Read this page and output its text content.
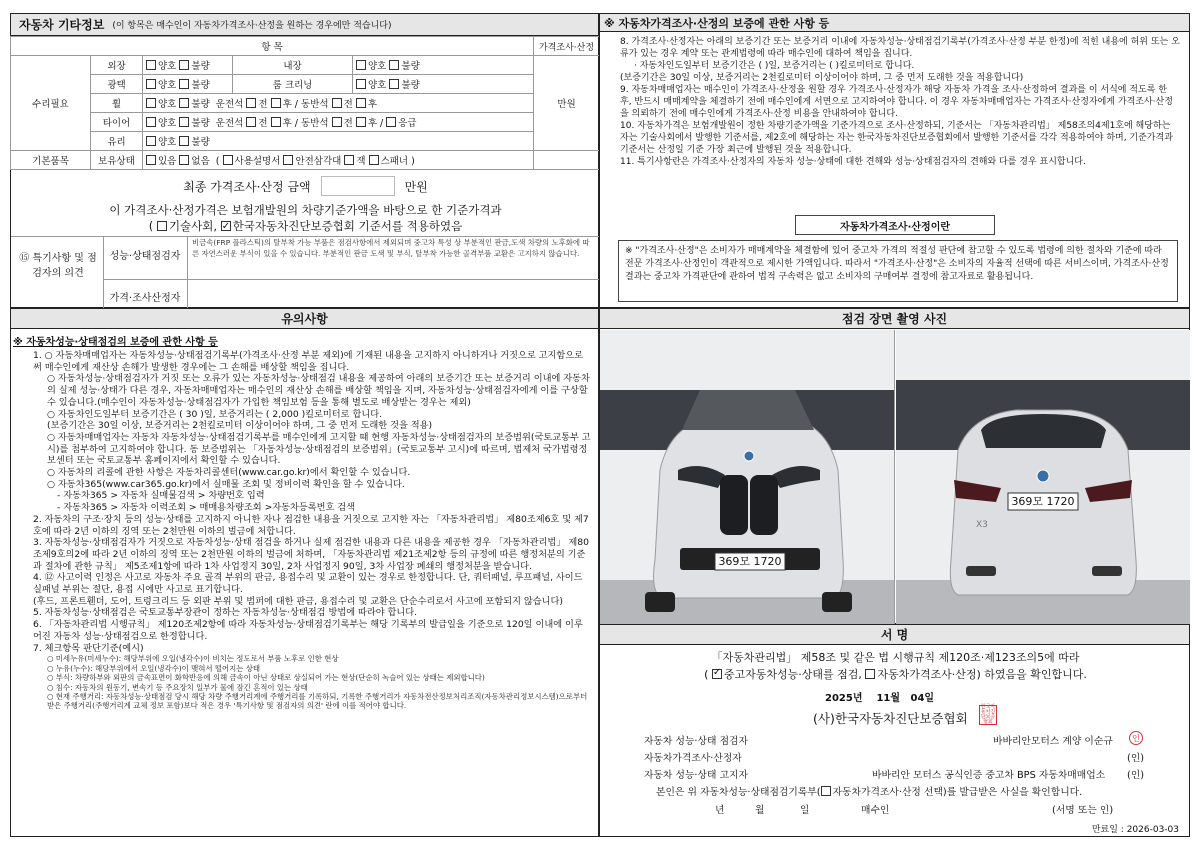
자동차 기타정보 (이 항목은 매수인이 자동차가격조사·산정을 원하는 경우에만 적습니다)
항 목					가격조사·산정
수리필요	외장	양호 불량	내장	양호 불량	만원
	광택	양호 불량	룸 크리닝	양호 불량	
	휠	양호 불량 운전석 전 후 / 동반석 전 후			
	타이어	양호 불량 운전석 전 후 / 동반석 전 후 / 응급			
	유리	양호 불량			
기본품목	보유상태	있음 없음  ( 사용설명서 안전삼각대 잭 스패너 )			
최종 가격조사·산정 금액	만원
이 가격조사·산정가격은 보험개발원의 차량기준가액을 바탕으로 한 기준가격과
( 기술사회, ✓ 한국자동차진단보증협회 기준서를 적용하였음
⑮ 특기사항 및 점검자의 의견
성능·상태점검자
비금속(FRP 플라스틱)의 탈부착 가능 부품은 점검사항에서 제외되며 중고차 특성 상 부분적인 판금,도색 차량의 노후화에 따른 자연스러운 부식이 있을 수 있습니다. 부분적인 판금 도색 및 부식, 탈부착 가능한 골격부품 교환은 고지하지 않습니다.
가격·조사산정자
※ 자동차가격조사·산정의 보증에 관한 사항 등

8. 가격조사·산정자는 아래의 보증기간 또는 보증거리 이내에 자동차성능·상태점검기록부(가격조사·산정 부분 한정)에 적힌 내용에 허위 또는 오류가 있는 경우 계약 또는 관계법령에 따라 매수인에 대하여 책임을 집니다.

· 자동차인도일부터 보증기간은 ( )일, 보증거리는 ( )킬로미터로 합니다.

(보증기간은 30일 이상, 보증거리는 2천킬로미터 이상이어야 하며, 그 중 먼저 도래한 것을 적용합니다)

9. 자동차매매업자는 매수인이 가격조사·산정을 원할 경우 가격조사·산정자가 해당 자동차 가격을 조사·산정하여 결과를 이 서식에 적도록 한 후, 반드시 매매계약을 체결하기 전에 매수인에게 서면으로 고지하여야 합니다. 이 경우 자동차매매업자는 가격조사·산정자에게 가격조사·산정을 의뢰하기 전에 매수인에게 가격조사·산정 비용을 안내하여야 합니다.

10. 자동차가격은 보험개발원이 정한 차량기준가액을 기준가격으로 조사·산정하되, 기준서는 「자동차관리법」 제58조의4제1호에 해당하는 자는 기술사회에서 발행한 기준서를, 제2호에 해당하는 자는 한국자동차진단보증협회에서 발행한 기준서를 각각 적용하여야 하며, 기준가격과 기준서는 산정일 기준 가장 최근에 발행된 것을 적용합니다.

11. 특기사항란은 가격조사·산정자의 자동차 성능·상태에 대한 견해와 성능·상태점검자의 견해와 다를 경우 표시합니다.

자동차가격조사·산정이란
※ "가격조사·산정"은 소비자가 매매계약을 체결함에 있어 중고차 가격의 적절성 판단에 참고할 수 있도록 법령에 의한 절차와 기준에 따라 전문 가격조사·산정인이 객관적으로 제시한 가액입니다. 따라서 "가격조사·산정"은 소비자의 자율적 선택에 따른 서비스이며, 가격조사·산정 결과는 중고차 가격판단에 관하여 법적 구속력은 없고 소비자의 구매여부 결정에 참고자료로 활용됩니다.
유의사항
※ 자동차성능·상태점검의 보증에 관한 사항 등

1. ○ 자동차매매업자는 자동차성능·상태점검기록부(가격조사·산정 부분 제외)에 기재된 내용을 고지하지 아니하거나 거짓으로 고지함으로써 매수인에게 재산상 손해가 발생한 경우에는 그 손해를 배상할 책임을 집니다.

○ 자동차성능·상태점검자가 거짓 또는 오류가 있는 자동차성능·상태점검 내용을 제공하여 아래의 보증기간 또는 보증거리 이내에 자동차의 실제 성능·상태가 다른 경우, 자동차매매업자는 매수인의 재산상 손해를 배상할 책임을 지며, 자동차성능·상태점검자에게 이를 구상할 수 있습니다.(매수인이 자동차성능·상태점검자가 가입한 책임보험 등을 통해 별도로 배상받는 경우는 제외)

○ 자동차인도일부터 보증기간은 ( 30 )일, 보증거리는 ( 2,000 )킬로미터로 합니다.

(보증기간은 30일 이상, 보증거리는 2천킬로미터 이상이어야 하며, 그 중 먼저 도래한 것을 적용)

○ 자동차매매업자는 자동차 자동차성능·상태점검기록부를 매수인에게 고지할 때 현행 자동차성능·상태점검자의 보증범위(국토교통부 고시)를 첨부하여 고지하여야 합니다. 동 보증범위는 「자동차성능·상태점검의 보증범위」(국토교통부 고시)에 따르며, 법제처 국가법령정보센터 또는 국토교통부 홈페이지에서 확인할 수 있습니다.

○ 자동차의 리콜에 관한 사항은 자동차리콜센터(www.car.go.kr)에서 확인할 수 있습니다.

○ 자동차365(www.car365.go.kr)에서 실매물 조회 및 정비이력 확인을 할 수 있습니다.

- 자동차365 > 자동차 실매물검색 > 차량번호 입력

- 자동차365 > 자동차 이력조회 > 매매용차량조회 >자동차등록번호 검색

2. 자동차의 구조·장치 등의 성능·상태를 고지하지 아니한 자나 점검한 내용을 거짓으로 고지한 자는 「자동차관리법」 제80조제6호 및 제7호에 따라 2년 이하의 징역 또는 2천만원 이하의 벌금에 처합니다.

3. 자동차성능·상태점검자가 거짓으로 자동차성능·상태 점검을 하거나 실제 점검한 내용과 다른 내용을 제공한 경우 「자동차관리법」 제80조제9호의2에 따라 2년 이하의 징역 또는 2천만원 이하의 벌금에 처하며, 「자동차관리법 제21조제2항 등의 규정에 따른 행정처분의 기준과 절차에 관한 규칙」 제5조제1항에 따라 1차 사업정지 30일, 2차 사업정지 90일, 3차 사업장 폐쇄의 행정처분을 받습니다.

4. ⑫ 사고이력 인정은 사고로 자동차 주요 골격 부위의 판금, 용접수리 및 교환이 있는 경우로 한정합니다. 단, 쿼터패널, 루프패널, 사이드실패널 부위는 절단, 용접 시에만 사고로 표기합니다.

(후드, 프론트휀더, 도어, 트렁크리드 등 외판 부위 및 범퍼에 대한 판금, 용접수리 및 교환은 단순수리로서 사고에 포함되지 않습니다)

5. 자동차성능·상태점검은 국토교통부장관이 정하는 자동차성능·상태점검 방법에 따라야 합니다.

6. 「자동차관리법 시행규칙」 제120조제2항에 따라 자동차성능·상태점검기록부는 해당 기록부의 발급일을 기준으로 120일 이내에 이루어진 자동차 성능·상태점검으로 한정합니다.

7. 체크항목 판단기준(예시)

○ 미세누유(미세누수): 해당부위에 오일(냉각수)이 비치는 정도로서 부품 노후로 인한 현상

○ 누유(누수): 해당부위에서 오일(냉각수)이 맺혀서 떨어지는 상태

○ 부식: 차량하부와 외판의 금속표면이 화학반응에 의해 금속이 아닌 상태로 상실되어 가는 현상(단순히 녹슬어 있는 상태는 제외합니다)

○ 침수: 자동차의 원동기, 변속기 등 주요장치 일부가 물에 잠긴 흔적이 있는 상태

○ 현재 주행거리: 자동차성능·상태점검 당시 해당 차량 주행거리계에 주행거리를 기록하되, 기록한 주행거리가 자동차전산정보처리조직(자동차관리정보시스템)으로부터 받은 주행거리(주행거리계 교체 정보 포함)보다 적은 경우 '특기사항 및 점검자의 의견' 란에 이를 적어야 합니다.

점검 장면 촬영 사진
369모 1720
369모 1720
X3
서 명
「자동차관리법」 제58조 및 같은 법 시행규칙 제120조·제123조의5에 따라
( ✓중고자동차성능·상태를 점검, 자동차가격조사·산정) 하였음을 확인합니다.
2025년 11월 04일
(사)한국자동차진단보증협회
한국자동차진단보증협회
자동차 성능·상태 점검자	바바리안모터스 계양 이순규 인
자동차가격조사·산정자	(인)
자동차 성능·상태 고지자	바바리안 모터스 공식인증 중고차 BPS 자동차매매업소 (인)
본인은 위 자동차성능·상태점검기록부( 자동차가격조사·산정 선택)를 발급받은 사실을 확인합니다.
년	월	일	매수인	(서명 또는 인)
만료일 : 2026-03-03
